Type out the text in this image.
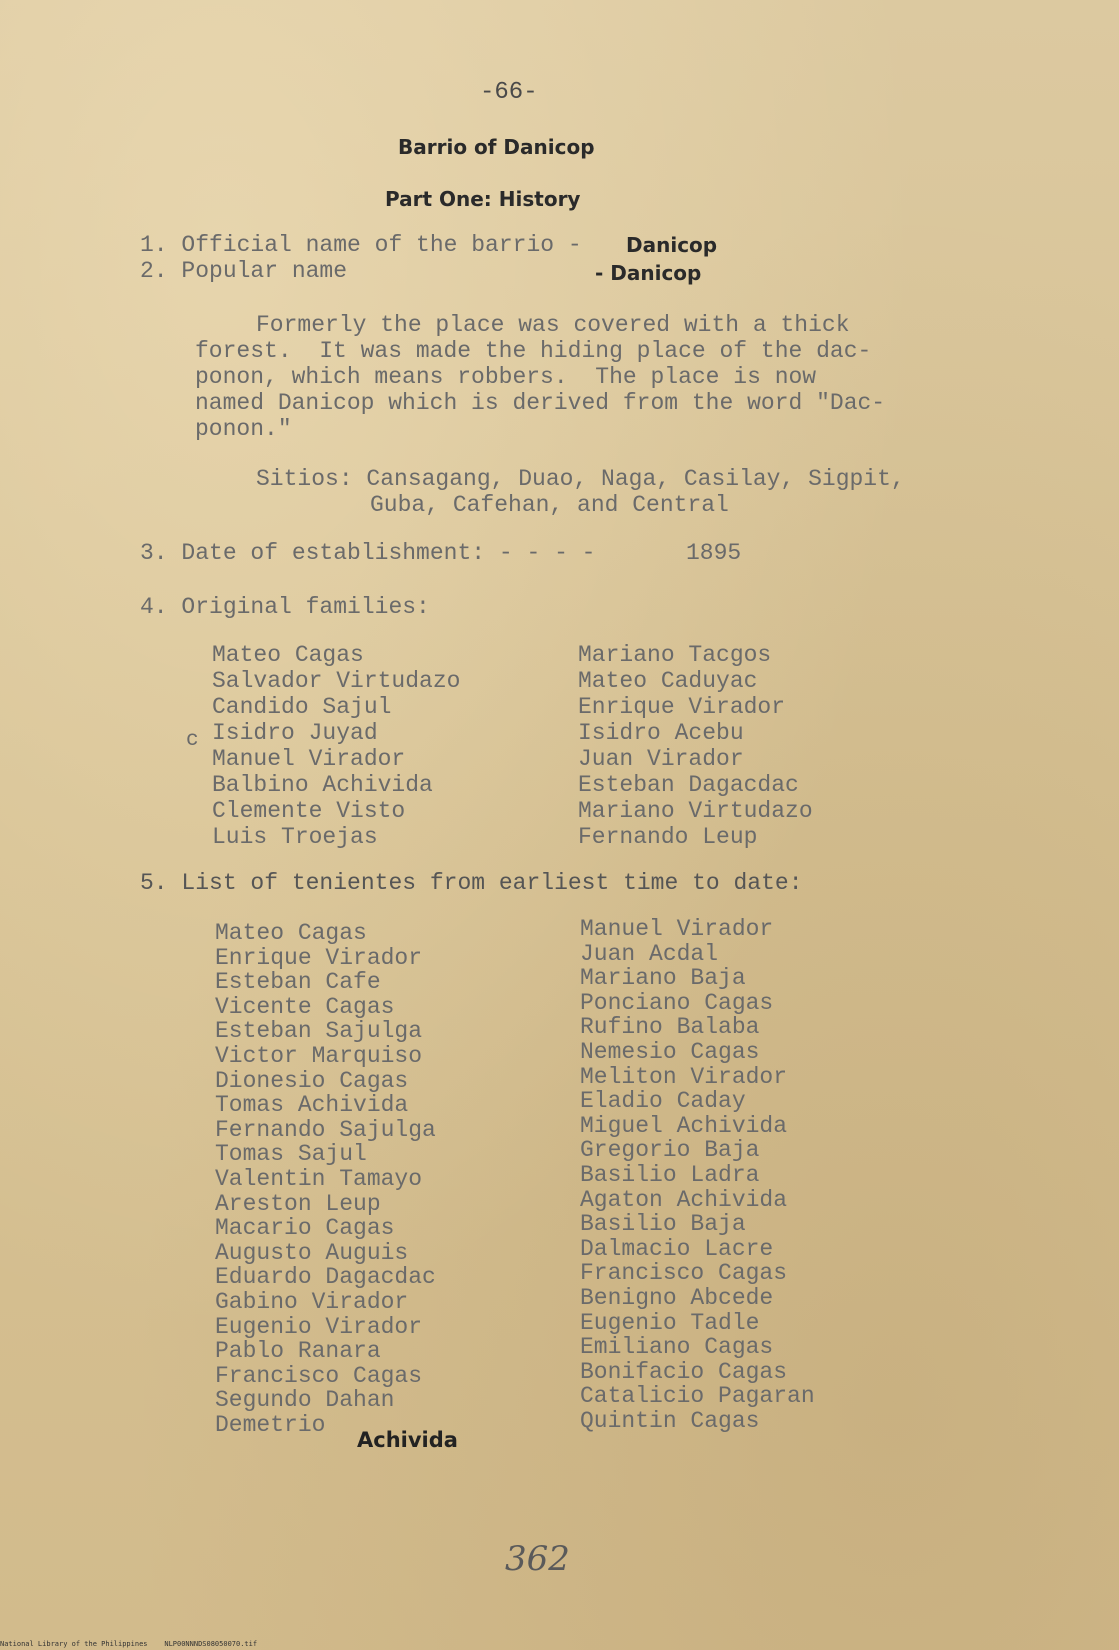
-66-
Barrio of Danicop
Part One: History
1. Official name of the barrio - Danicop
2. Popular name	- Danicop
Formerly the place was covered with a thick
forest.  It was made the hiding place of the dac-
ponon, which means robbers.  The place is now
named Danicop which is derived from the word "Dac-
ponon."
Sitios: Cansagang, Duao, Naga, Casilay, Sigpit,
Guba, Cafehan, and Central
3. Date of establishment: - - - -	1895
4. Original families:
c
Mateo Cagas
Salvador Virtudazo
Candido Sajul
Isidro Juyad
Manuel Virador
Balbino Achivida
Clemente Visto
Luis Troejas
Mariano Tacgos
Mateo Caduyac
Enrique Virador
Isidro Acebu
Juan Virador
Esteban Dagacdac
Mariano Virtudazo
Fernando Leup
5. List of tenientes from earliest time to date:
Mateo Cagas
Enrique Virador
Esteban Cafe
Vicente Cagas
Esteban Sajulga
Victor Marquiso
Dionesio Cagas
Tomas Achivida
Fernando Sajulga
Tomas Sajul
Valentin Tamayo
Areston Leup
Macario Cagas
Augusto Auguis
Eduardo Dagacdac
Gabino Virador
Eugenio Virador
Pablo Ranara
Francisco Cagas
Segundo Dahan
Demetrio
Manuel Virador
Juan Acdal
Mariano Baja
Ponciano Cagas
Rufino Balaba
Nemesio Cagas
Meliton Virador
Eladio Caday
Miguel Achivida
Gregorio Baja
Basilio Ladra
Agaton Achivida
Basilio Baja
Dalmacio Lacre
Francisco Cagas
Benigno Abcede
Eugenio Tadle
Emiliano Cagas
Bonifacio Cagas
Catalicio Pagaran
Quintin Cagas
Achivida
362
National Library of the Philippines    NLP00NNNDS08050070.tif
